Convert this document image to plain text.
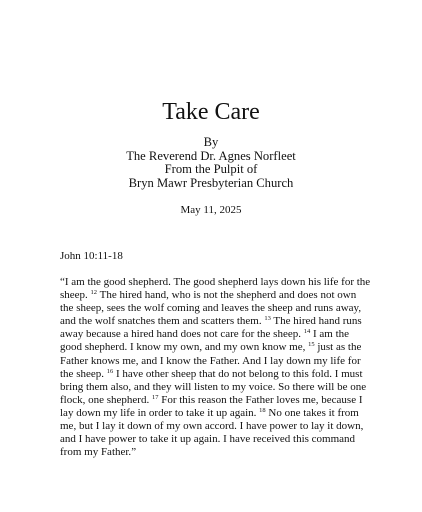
Take Care
By
The Reverend Dr. Agnes Norfleet
From the Pulpit of
Bryn Mawr Presbyterian Church
May 11, 2025
John 10:11-18
“I am the good shepherd. The good shepherd lays down his life for the sheep. $^{12}$ The hired hand, who is not the shepherd and does not own the sheep, sees the wolf coming and leaves the sheep and runs away, and the wolf snatches them and scatters them. $^{13}$ The hired hand runs away because a hired hand does not care for the sheep. $^{14}$ I am the good shepherd. I know my own, and my own know me, $^{15}$ just as the Father knows me, and I know the Father. And I lay down my life for the sheep. $^{16}$ I have other sheep that do not belong to this fold. I must bring them also, and they will listen to my voice. So there will be one flock, one shepherd. $^{17}$ For this reason the Father loves me, because I lay down my life in order to take it up again. $^{18}$ No one takes it from me, but I lay it down of my own accord. I have power to lay it down, and I have power to take it up again. I have received this command from my Father.”
